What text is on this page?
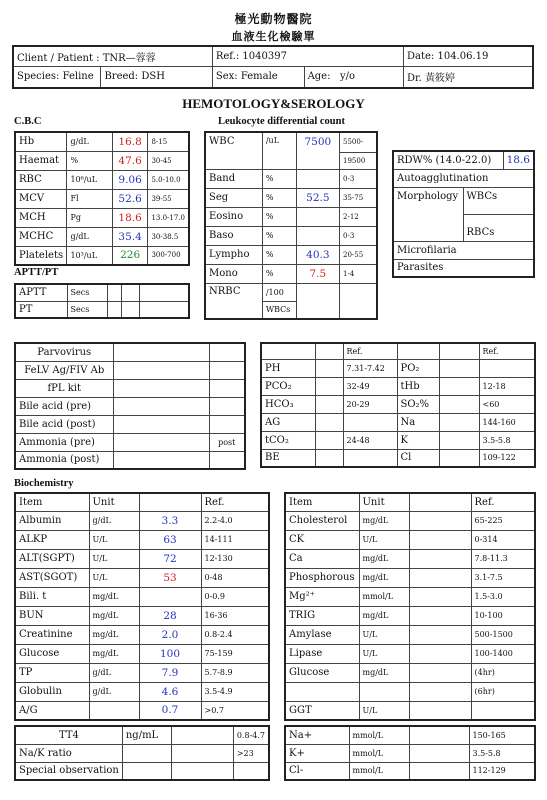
極光動物醫院
血液生化檢驗單
Client / Patient : TNR—蓉蓉		Ref.: 1040397		Date: 104.06.19
Species: Feline	Breed: DSH	Sex: Female	Age: y/o	Dr. 黃筱婷
HEMOTOLOGY&SEROLOGY
C.B.C
Hb	g/dL	16.8	8-15
Haemat	%	47.6	30-45
RBC	10⁶/uL	9.06	5.0-10.0
MCV	Fl	52.6	39-55
MCH	Pg	18.6	13.0-17.0
MCHC	g/dL	35.4	30-38.5
Platelets	10³/uL	226	300-700
APTT/PT
APTT	Secs			
PT	Secs			
Leukocyte differential count
WBC	/uL	7500	5500-
			19500
Band	%		0-3
Seg	%	52.5	35-75
Eosino	%		2-12
Baso	%		0-3
Lympho	%	40.3	20-55
Mono	%	7.5	1-4
NRBC	/100		
	WBCs		
RDW% (14.0-22.0)		18.6
Autoagglutination		
Morphology	WBCs	
	RBCs	
Microfilaria		
Parasites		
Parvovirus		
FeLV Ag/FIV Ab		
fPL kit		
Bile acid (pre)		
Bile acid (post)		
Ammonia (pre)		post
Ammonia (post)		
		Ref.			Ref.
PH		7.31-7.42	PO₂		
PCO₂		32-49	tHb		12-18
HCO₃		20-29	SO₂%		<60
AG			Na		144-160
tCO₂		24-48	K		3.5-5.8
BE			Cl		109-122
Biochemistry
Item	Unit		Ref.
Albumin	g/dL	3.3	2.2-4.0
ALKP	U/L	63	14-111
ALT(SGPT)	U/L	72	12-130
AST(SGOT)	U/L	53	0-48
Bili. t	mg/dL		0-0.9
BUN	mg/dL	28	16-36
Creatinine	mg/dL	2.0	0.8-2.4
Glucose	mg/dL	100	75-159
TP	g/dL	7.9	5.7-8.9
Globulin	g/dL	4.6	3.5-4.9
A/G		0.7	>0.7
Item	Unit		Ref.
Cholesterol	mg/dL		65-225
CK	U/L		0-314
Ca	mg/dL		7.8-11.3
Phosphorous	mg/dL		3.1-7.5
Mg²⁺	mmol/L		1.5-3.0
TRIG	mg/dL		10-100
Amylase	U/L		500-1500
Lipase	U/L		100-1400
Glucose	mg/dL		(4hr)
			(6hr)
GGT	U/L		
TT4	ng/mL		0.8-4.7
Na/K ratio			>23
Special observation			
Na+	mmol/L		150-165
K+	mmol/L		3.5-5.8
Cl-	mmol/L		112-129
